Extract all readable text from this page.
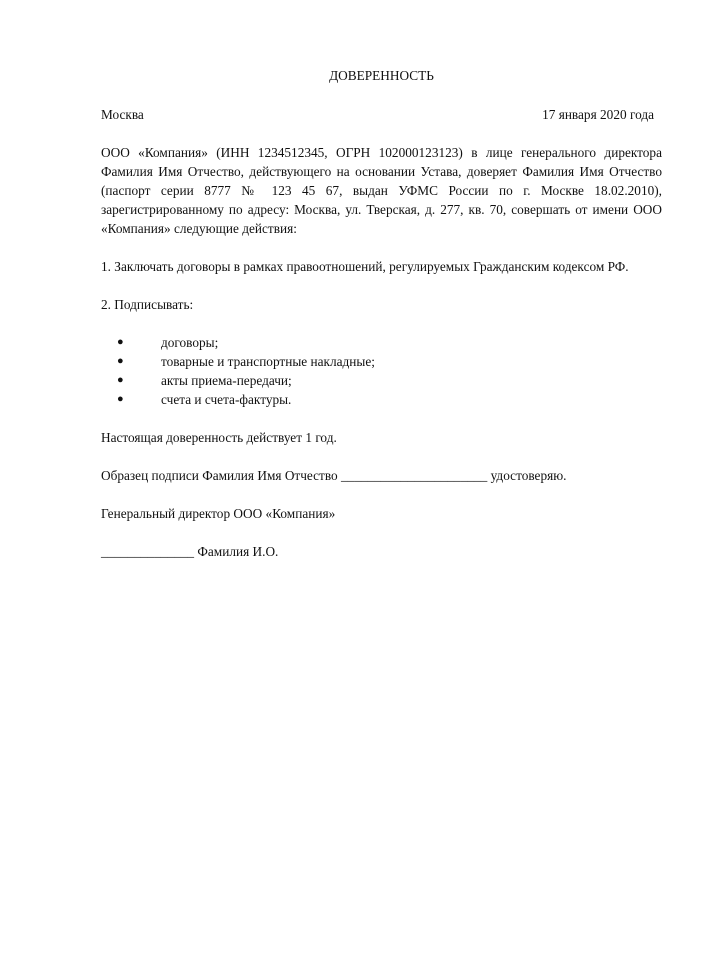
ДОВЕРЕННОСТЬ
Москва	17 января 2020 года

ООО «Компания» (ИНН 1234512345, ОГРН 102000123123) в лице генерального директора Фамилия Имя Отчество, действующего на основании Устава, доверяет Фамилия Имя Отчество (паспорт серии 8777 № 123 45 67, выдан УФМС России по г. Москве 18.02.2010), зарегистрированному по адресу: Москва, ул. Тверская, д. 277, кв. 70, совершать от имени ООО «Компания» следующие действия:

1. Заключать договоры в рамках правоотношений, регулируемых Гражданским кодексом РФ.

2. Подписывать:

●	договоры;
●	товарные и транспортные накладные;
●	акты приема-передачи;
●	счета и счета-фактуры.

Настоящая доверенность действует 1 год.

Образец подписи Фамилия Имя Отчество ______________________ удостоверяю.

Генеральный директор ООО «Компания»

______________ Фамилия И.О.
